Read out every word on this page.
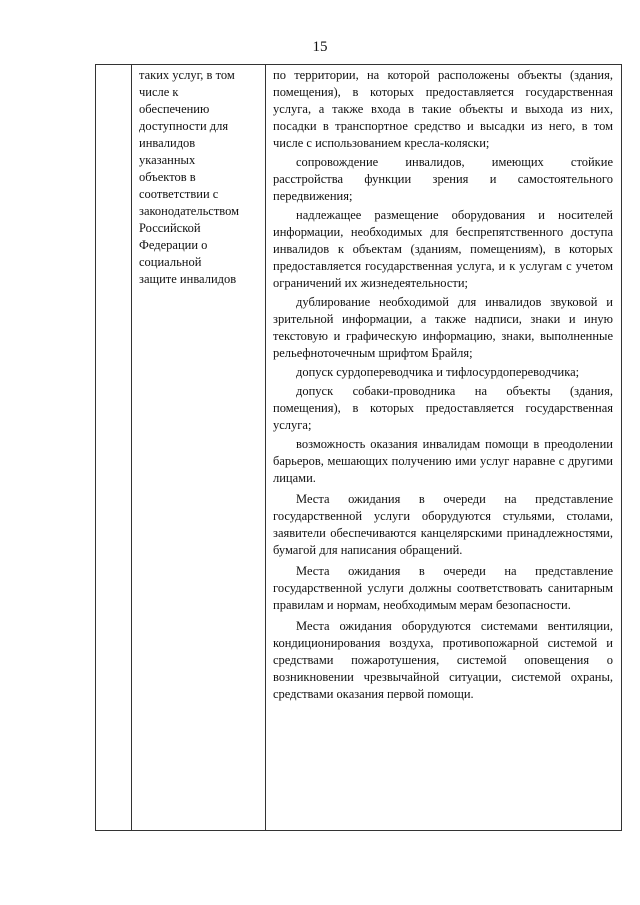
15
таких услуг, в том
числе к
обеспечению
доступности для
инвалидов
указанных
объектов в
соответствии с
законодательством
Российской
Федерации о
социальной
защите инвалидов

по территории, на которой расположены объекты (здания, помещения), в которых предоставляется государственная услуга, а также входа в такие объекты и выхода из них, посадки в транспортное средство и высадки из него, в том числе с использованием кресла-коляски;

сопровождение инвалидов, имеющих стойкие расстройства функции зрения и самостоятельного передвижения;

надлежащее размещение оборудования и носителей информации, необходимых для беспрепятственного доступа инвалидов к объектам (зданиям, помещениям), в которых предоставляется государственная услуга, и к услугам с учетом ограничений их жизнедеятельности;

дублирование необходимой для инвалидов звуковой и зрительной информации, а также надписи, знаки и иную текстовую и графическую информацию, знаки, выполненные рельефноточечным шрифтом Брайля;

допуск сурдопереводчика и тифлосурдопереводчика;

допуск собаки-проводника на объекты (здания, помещения), в которых предоставляется государственная услуга;

возможность оказания инвалидам помощи в преодолении барьеров, мешающих получению ими услуг наравне с другими лицами.

Места ожидания в очереди на представление государственной услуги оборудуются стульями, столами, заявители обеспечиваются канцелярскими принадлежностями, бумагой для написания обращений.

Места ожидания в очереди на представление государственной услуги должны соответствовать санитарным правилам и нормам, необходимым мерам безопасности.

Места ожидания оборудуются системами вентиляции, кондиционирования воздуха, противопожарной системой и средствами пожаротушения, системой оповещения о возникновении чрезвычайной ситуации, системой охраны, средствами оказания первой помощи.
